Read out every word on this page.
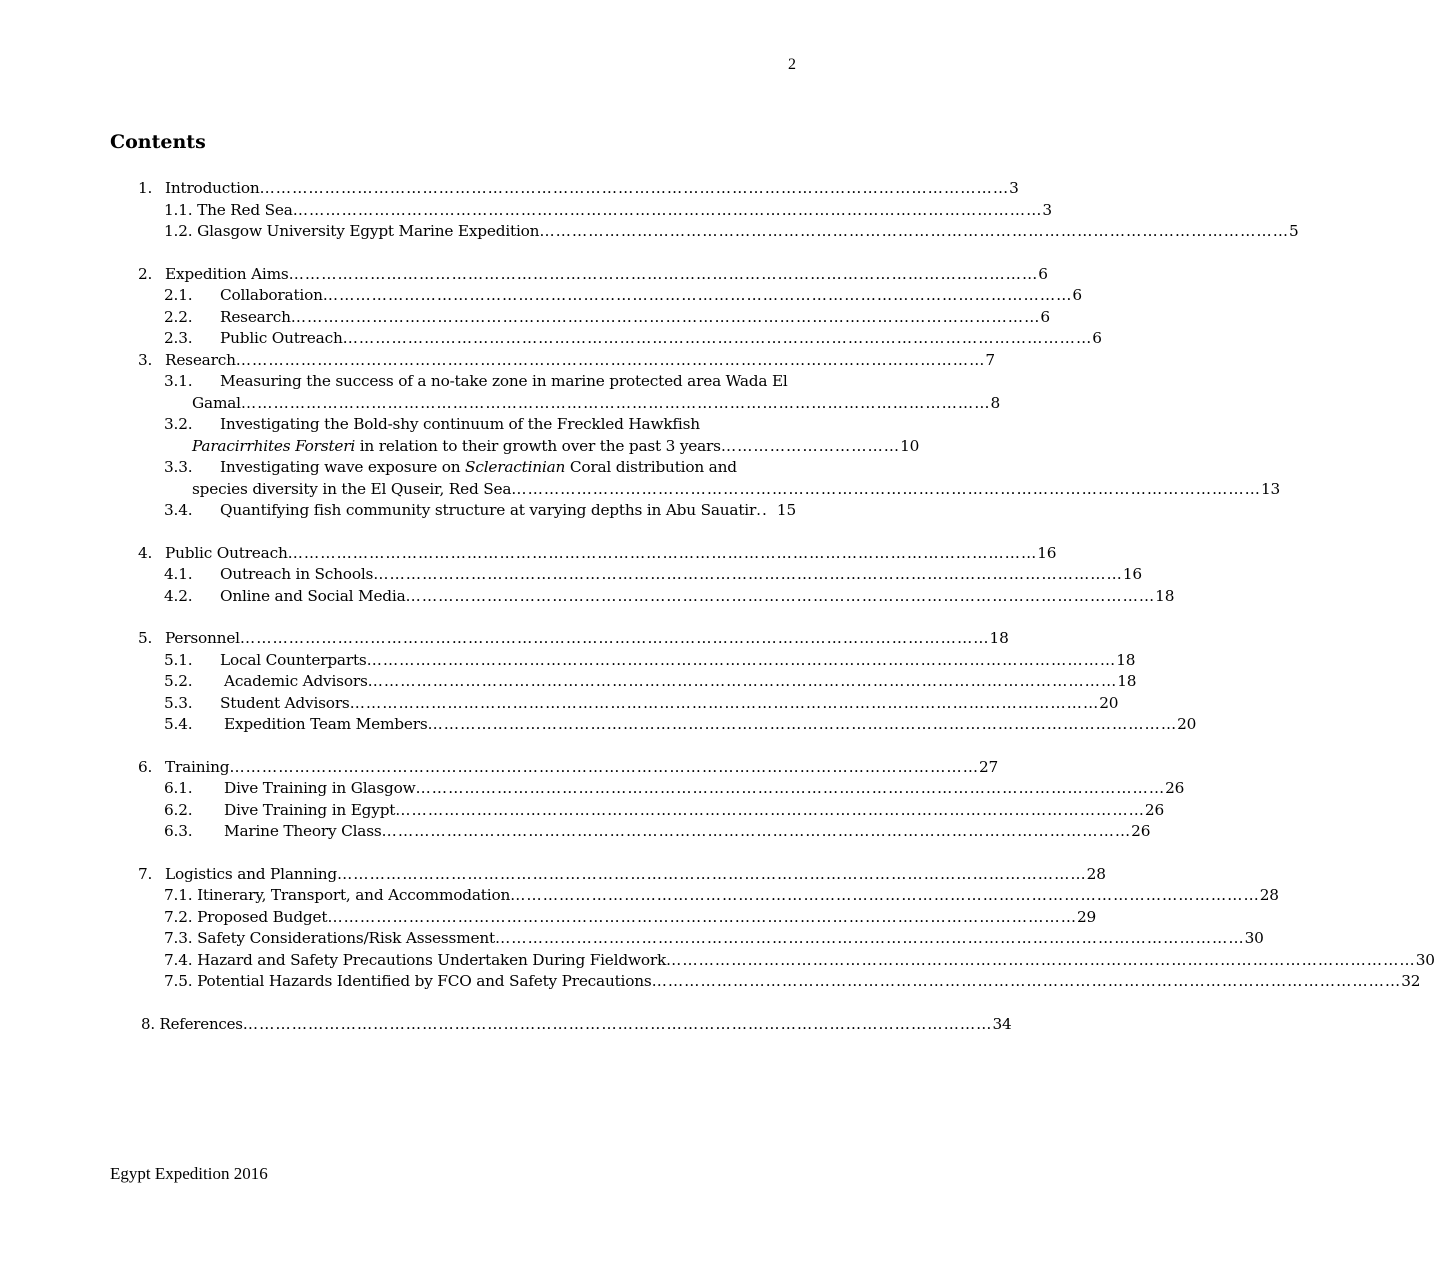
2
Contents
1. Introduction ………………………………………………………………………………………………………………………… 3
1.1. The Red Sea ………………………………………………………………………………………………………………………… 3
1.2. Glasgow University Egypt Marine Expedition ………………………………………………………………………………………………………………………… 5
2. Expedition Aims ………………………………………………………………………………………………………………………… 6
2.1. Collaboration ………………………………………………………………………………………………………………………… 6
2.2. Research ………………………………………………………………………………………………………………………… 6
2.3. Public Outreach ………………………………………………………………………………………………………………………… 6
3. Research ………………………………………………………………………………………………………………………… 7
3.1. Measuring the success of a no-take zone in marine protected area Wada El
Gamal ………………………………………………………………………………………………………………………… 8
3.2. Investigating the Bold-shy continuum of the Freckled Hawkfish
Paracirrhites Forsteri in relation to their growth over the past 3 years …………………………… 10
3.3. Investigating wave exposure on Scleractinian Coral distribution and
species diversity in the El Quseir, Red Sea ………………………………………………………………………………………………………………………… 13
3.4. Quantifying fish community structure at varying depths in Abu Sauatir .. 15
4. Public Outreach ………………………………………………………………………………………………………………………… 16
4.1. Outreach in Schools ………………………………………………………………………………………………………………………… 16
4.2. Online and Social Media ………………………………………………………………………………………………………………………… 18
5. Personnel ………………………………………………………………………………………………………………………… 18
5.1. Local Counterparts ………………………………………………………………………………………………………………………… 18
5.2. Academic Advisors ………………………………………………………………………………………………………………………… 18
5.3. Student Advisors ………………………………………………………………………………………………………………………… 20
5.4. Expedition Team Members ………………………………………………………………………………………………………………………… 20
6. Training ………………………………………………………………………………………………………………………… 27
6.1. Dive Training in Glasgow ………………………………………………………………………………………………………………………… 26
6.2. Dive Training in Egypt ………………………………………………………………………………………………………………………… 26
6.3. Marine Theory Class ………………………………………………………………………………………………………………………… 26
7. Logistics and Planning ………………………………………………………………………………………………………………………… 28
7.1. Itinerary, Transport, and Accommodation ………………………………………………………………………………………………………………………… 28
7.2. Proposed Budget ………………………………………………………………………………………………………………………… 29
7.3. Safety Considerations/Risk Assessment ………………………………………………………………………………………………………………………… 30
7.4. Hazard and Safety Precautions Undertaken During Fieldwork ………………………………………………………………………………………………………………………… 30
7.5. Potential Hazards Identified by FCO and Safety Precautions ………………………………………………………………………………………………………………………… 32
8. References ………………………………………………………………………………………………………………………… 34
Egypt Expedition 2016
